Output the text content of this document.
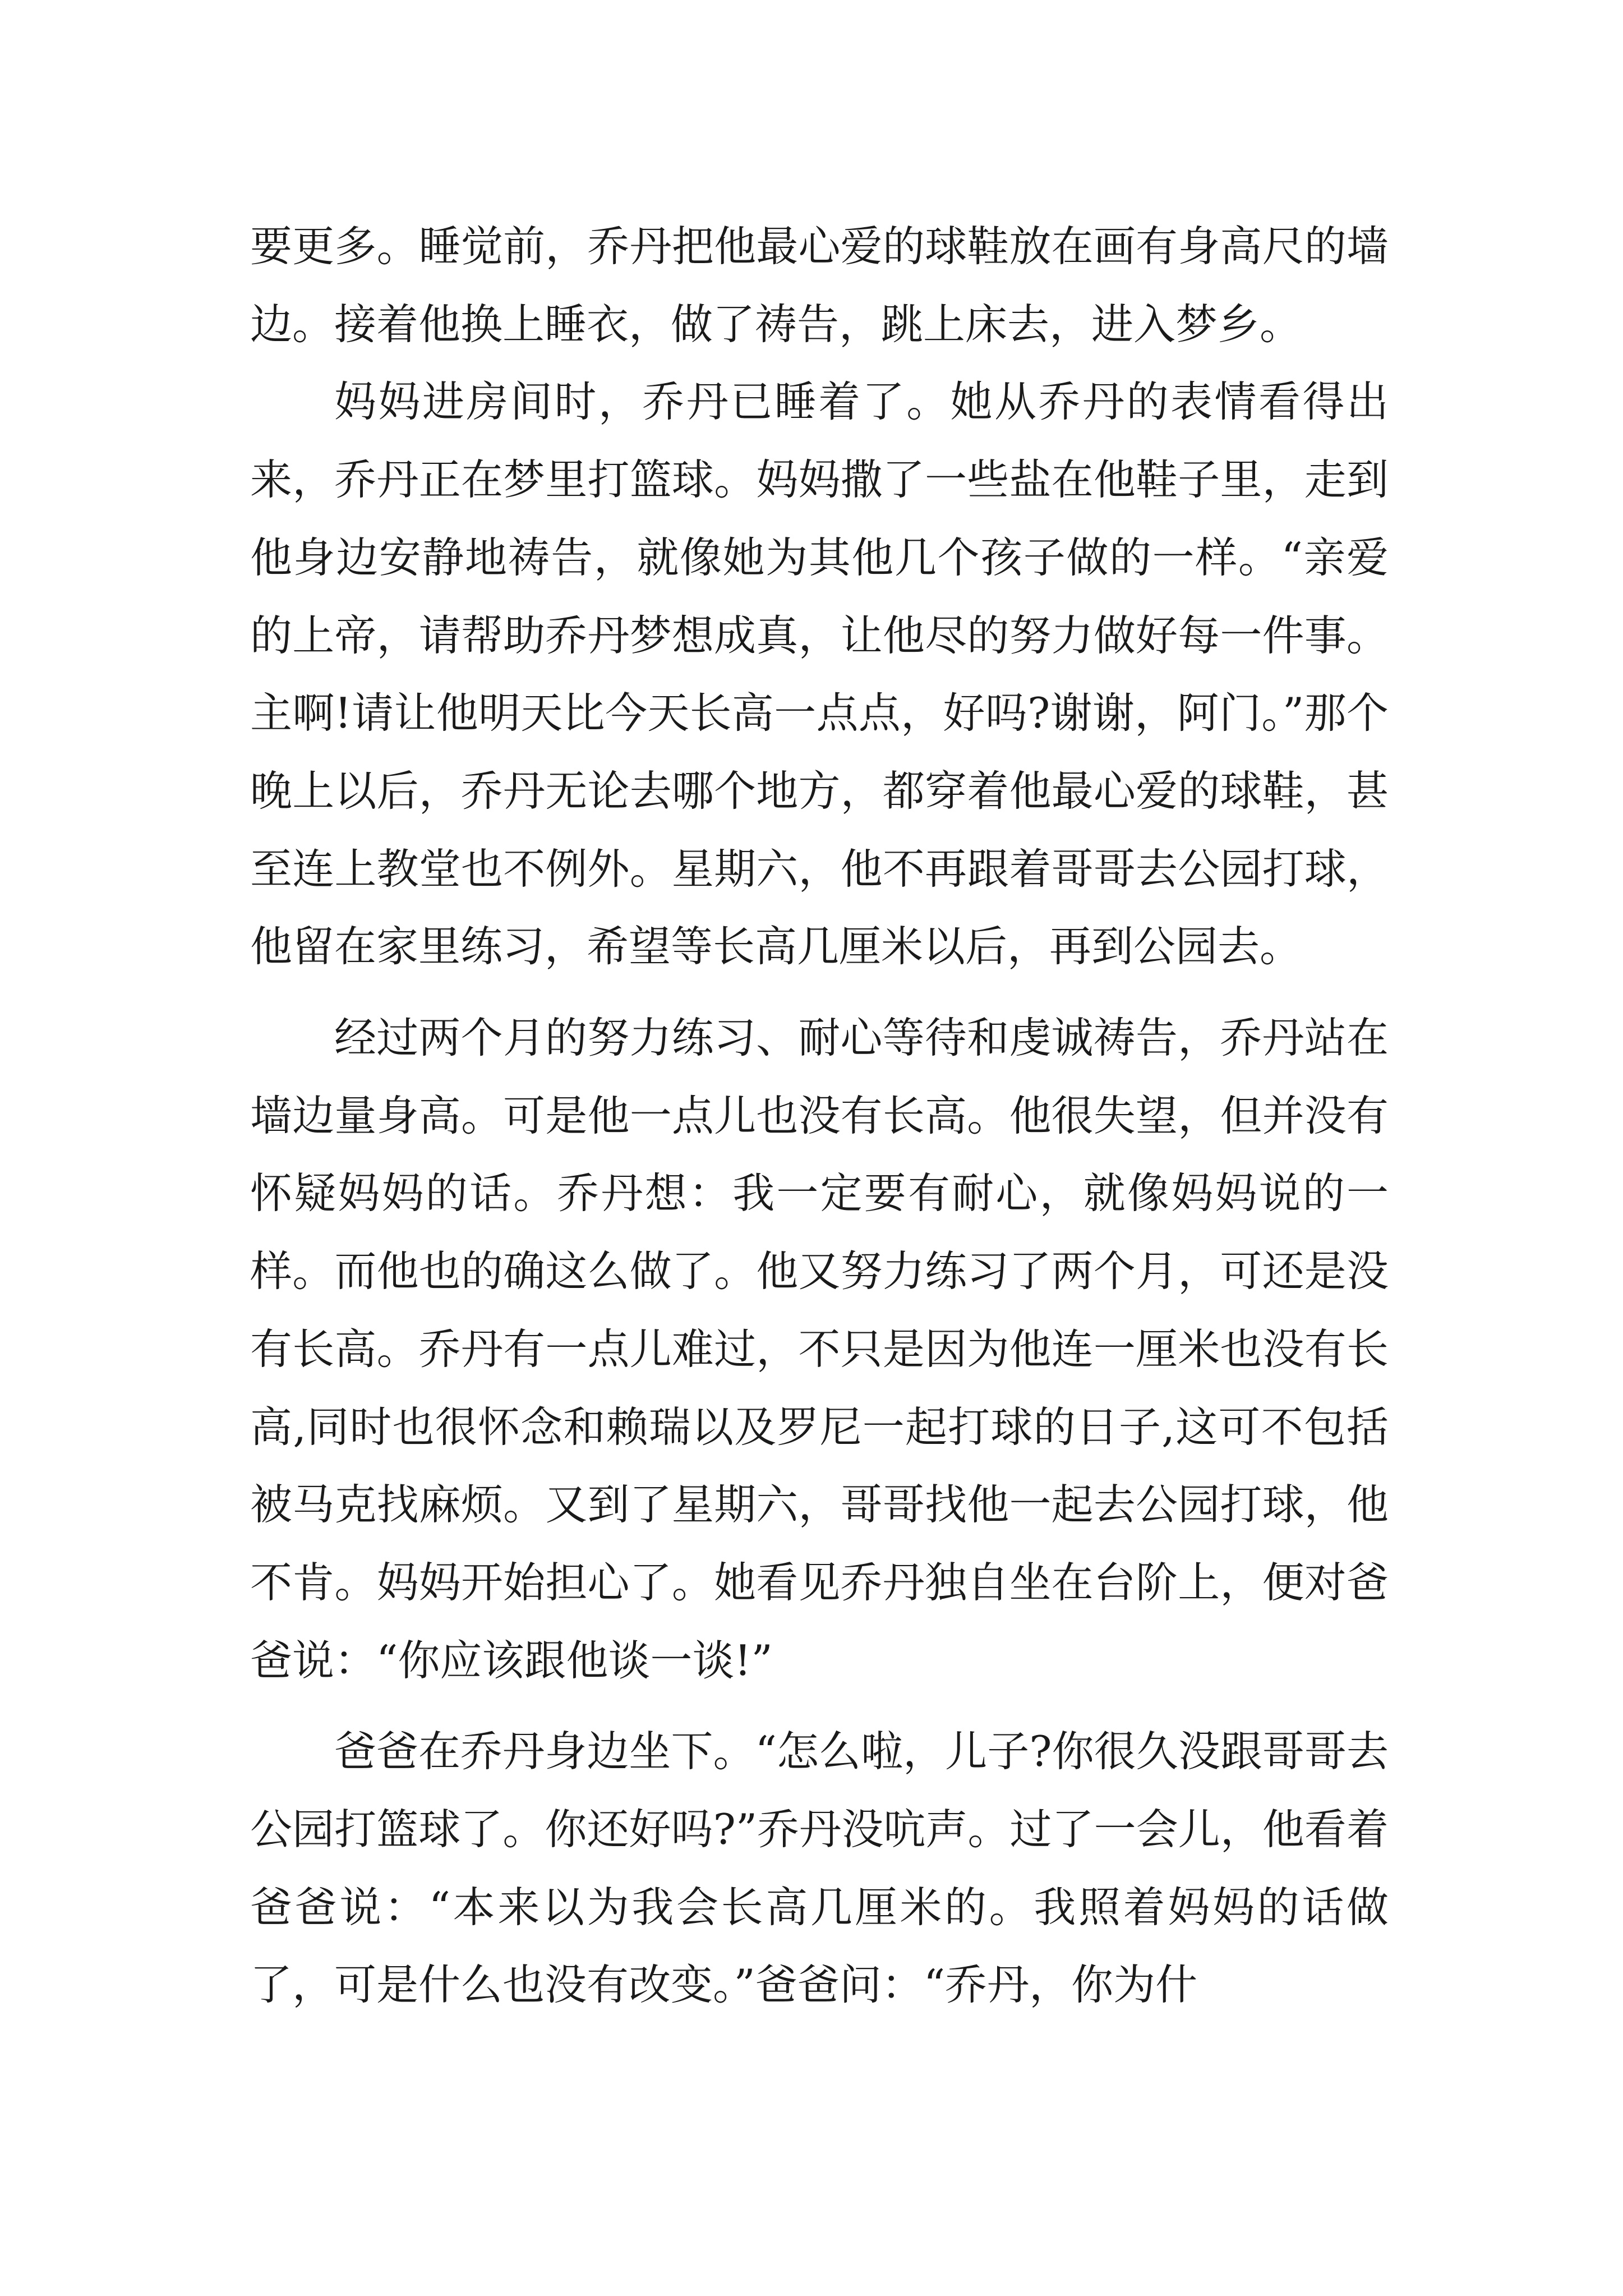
要更多。睡觉前，乔丹把他最心爱的球鞋放在画有身高尺的墙边。接着他换上睡衣，做了祷告，跳上床去，进入梦乡。

妈妈进房间时，乔丹已睡着了。她从乔丹的表情看得出来，乔丹正在梦里打篮球。妈妈撒了一些盐在他鞋子里，走到他身边安静地祷告，就像她为其他几个孩子做的一样。“亲爱的上帝，请帮助乔丹梦想成真，让他尽的努力做好每一件事。主啊!请让他明天比今天长高一点点，好吗?谢谢，阿门。”那个晚上以后，乔丹无论去哪个地方，都穿着他最心爱的球鞋，甚至连上教堂也不例外。星期六，他不再跟着哥哥去公园打球，他留在家里练习，希望等长高几厘米以后，再到公园去。

经过两个月的努力练习、耐心等待和虔诚祷告，乔丹站在墙边量身高。可是他一点儿也没有长高。他很失望，但并没有怀疑妈妈的话。乔丹想：我一定要有耐心，就像妈妈说的一样。而他也的确这么做了。他又努力练习了两个月，可还是没有长高。乔丹有一点儿难过，不只是因为他连一厘米也没有长高,同时也很怀念和赖瑞以及罗尼一起打球的日子,这可不包括被马克找麻烦。又到了星期六，哥哥找他一起去公园打球，他不肯。妈妈开始担心了。她看见乔丹独自坐在台阶上，便对爸爸说：“你应该跟他谈一谈!”

爸爸在乔丹身边坐下。“怎么啦，儿子?你很久没跟哥哥去公园打篮球了。你还好吗?”乔丹没吭声。过了一会儿，他看着爸爸说：“本来以为我会长高几厘米的。我照着妈妈的话做了，可是什么也没有改变。”爸爸问：“乔丹，你为什
